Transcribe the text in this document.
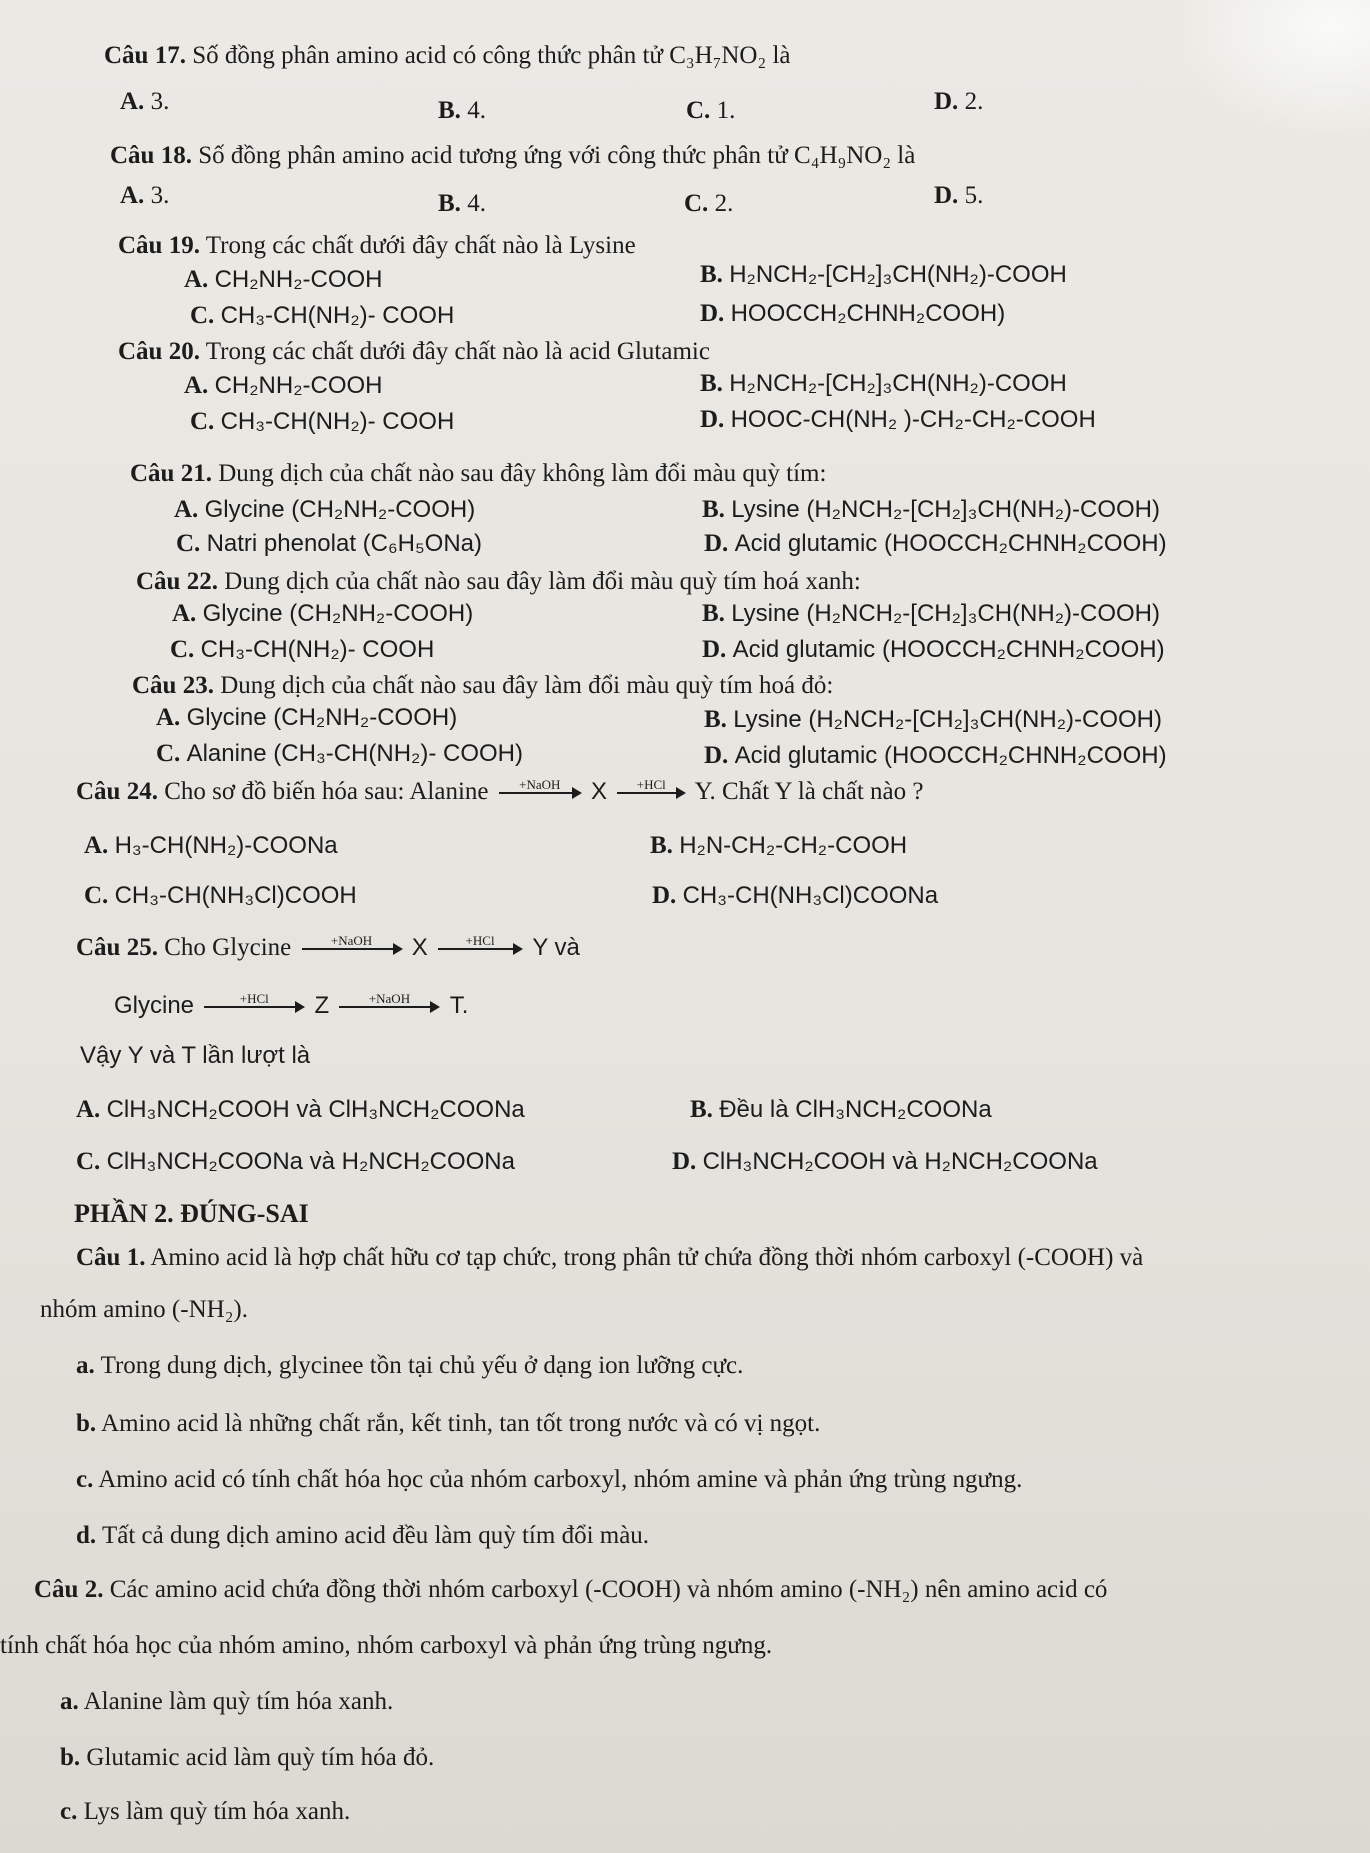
Câu 17. Số đồng phân amino acid có công thức phân tử C₃H₇NO₂ là
A. 3.	B. 4.	C. 1.	D. 2.
Câu 18. Số đồng phân amino acid tương ứng với công thức phân tử C₄H₉NO₂ là
A. 3.	B. 4.	C. 2.	D. 5.
Câu 19. Trong các chất dưới đây chất nào là Lysine
A. CH₂NH₂-COOH	B. H₂NCH₂-[CH₂]₃CH(NH₂)-COOH
C. CH₃-CH(NH₂)- COOH	D. HOOCCH₂CHNH₂COOH)
Câu 20. Trong các chất dưới đây chất nào là acid Glutamic
A. CH₂NH₂-COOH	B. H₂NCH₂-[CH₂]₃CH(NH₂)-COOH
C. CH₃-CH(NH₂)- COOH	D. HOOC-CH(NH₂ )-CH₂-CH₂-COOH
Câu 21. Dung dịch của chất nào sau đây không làm đổi màu quỳ tím:
A. Glycine (CH₂NH₂-COOH)	B. Lysine (H₂NCH₂-[CH₂]₃CH(NH₂)-COOH)
C. Natri phenolat (C₆H₅ONa)	D. Acid glutamic (HOOCCH₂CHNH₂COOH)
Câu 22. Dung dịch của chất nào sau đây làm đổi màu quỳ tím hoá xanh:
A. Glycine (CH₂NH₂-COOH)	B. Lysine (H₂NCH₂-[CH₂]₃CH(NH₂)-COOH)
C. CH₃-CH(NH₂)- COOH	D. Acid glutamic (HOOCCH₂CHNH₂COOH)
Câu 23. Dung dịch của chất nào sau đây làm đổi màu quỳ tím hoá đỏ:
A. Glycine (CH₂NH₂-COOH)	B. Lysine (H₂NCH₂-[CH₂]₃CH(NH₂)-COOH)
C. Alanine (CH₃-CH(NH₂)- COOH)	D. Acid glutamic (HOOCCH₂CHNH₂COOH)
Câu 24. Cho sơ đồ biến hóa sau: Alanine	+NaOH	X	+HCl	Y. Chất Y là chất nào ?
A. H₃-CH(NH₂)-COONa	B. H₂N-CH₂-CH₂-COOH
C. CH₃-CH(NH₃Cl)COOH	D. CH₃-CH(NH₃Cl)COONa
Câu 25. Cho Glycine	+NaOH	X	+HCl	Y và
Glycine	+HCl	Z	+NaOH	T.
Vậy Y và T lần lượt là
A. ClH₃NCH₂COOH và ClH₃NCH₂COONa	B. Đều là ClH₃NCH₂COONa
C. ClH₃NCH₂COONa và H₂NCH₂COONa	D. ClH₃NCH₂COOH và H₂NCH₂COONa
PHẦN 2. ĐÚNG-SAI
Câu 1. Amino acid là hợp chất hữu cơ tạp chức, trong phân tử chứa đồng thời nhóm carboxyl (-COOH) và
nhóm amino (-NH₂).
a. Trong dung dịch, glycinee tồn tại chủ yếu ở dạng ion lưỡng cực.
b. Amino acid là những chất rắn, kết tinh, tan tốt trong nước và có vị ngọt.
c. Amino acid có tính chất hóa học của nhóm carboxyl, nhóm amine và phản ứng trùng ngưng.
d. Tất cả dung dịch amino acid đều làm quỳ tím đổi màu.
Câu 2. Các amino acid chứa đồng thời nhóm carboxyl (-COOH) và nhóm amino (-NH₂) nên amino acid có
tính chất hóa học của nhóm amino, nhóm carboxyl và phản ứng trùng ngưng.
a. Alanine làm quỳ tím hóa xanh.
b. Glutamic acid làm quỳ tím hóa đỏ.
c. Lys làm quỳ tím hóa xanh.
